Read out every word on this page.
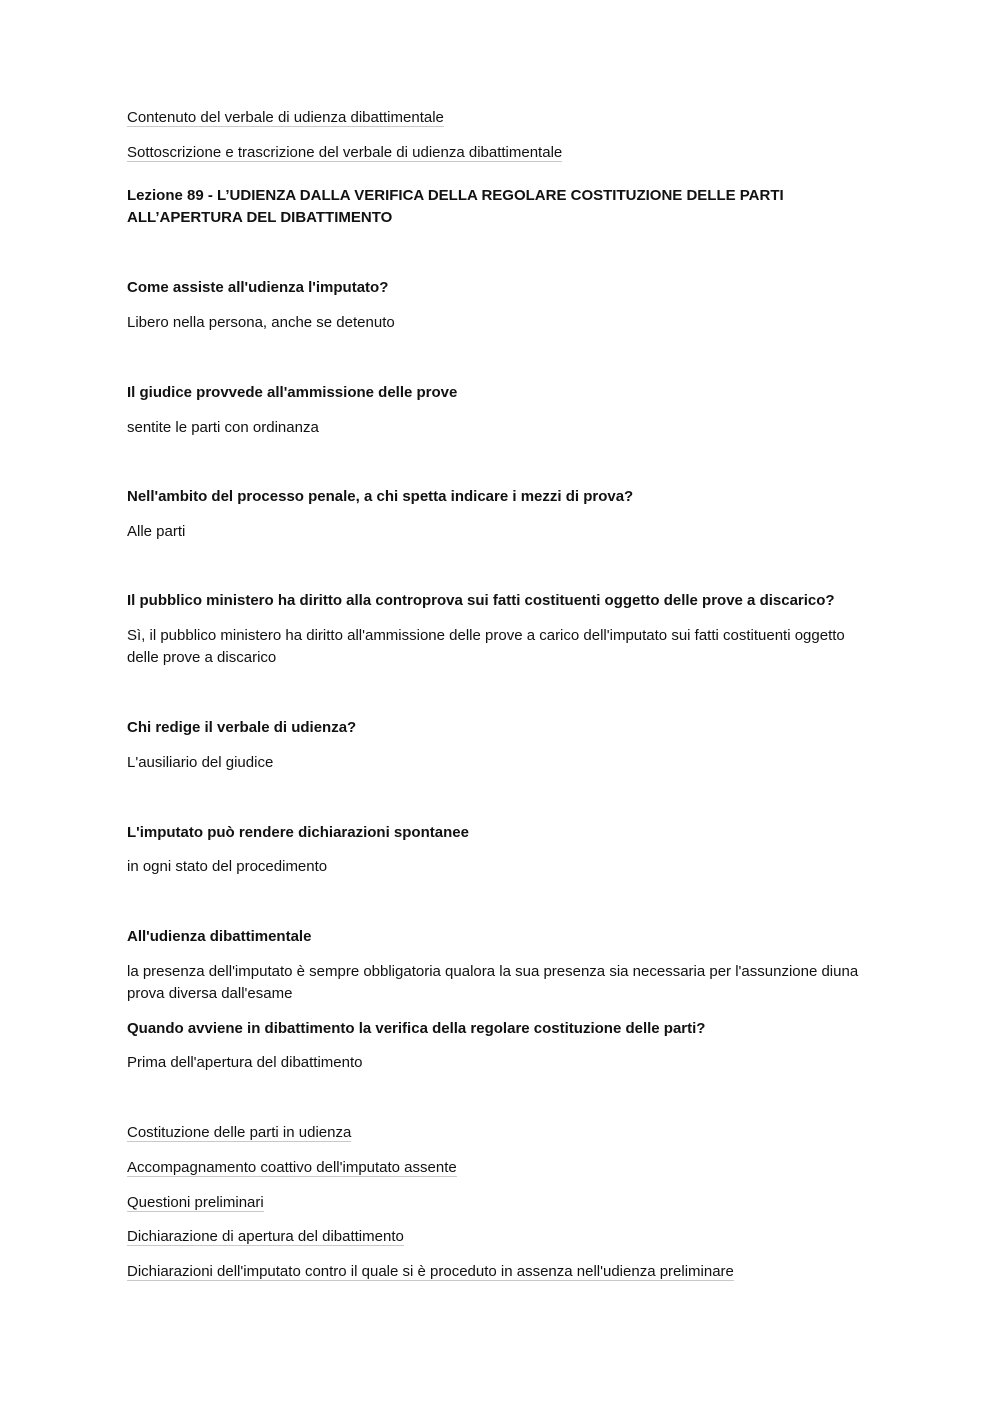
Contenuto del verbale di udienza dibattimentale
Sottoscrizione e trascrizione del verbale di udienza dibattimentale
Lezione 89 - L’UDIENZA DALLA VERIFICA DELLA REGOLARE COSTITUZIONE DELLE PARTI ALL’APERTURA DEL DIBATTIMENTO
Come assiste all'udienza l'imputato?
Libero nella persona, anche se detenuto
Il giudice provvede all'ammissione delle prove
sentite le parti con ordinanza
Nell'ambito del processo penale, a chi spetta indicare i mezzi di prova?
Alle parti
Il pubblico ministero ha diritto alla controprova sui fatti costituenti oggetto delle prove a discarico?
Sì, il pubblico ministero ha diritto all'ammissione delle prove a carico dell'imputato sui fatti costituenti oggetto delle prove a discarico
Chi redige il verbale di udienza?
L'ausiliario del giudice
L'imputato può rendere dichiarazioni spontanee
in ogni stato del procedimento
All'udienza dibattimentale
la presenza dell'imputato è sempre obbligatoria qualora la sua presenza sia necessaria per l'assunzione diuna prova diversa dall'esame
Quando avviene in dibattimento la verifica della regolare costituzione delle parti?
Prima dell'apertura del dibattimento
Costituzione delle parti in udienza
Accompagnamento coattivo dell'imputato assente
Questioni preliminari
Dichiarazione di apertura del dibattimento
Dichiarazioni dell'imputato contro il quale si è proceduto in assenza nell'udienza preliminare
